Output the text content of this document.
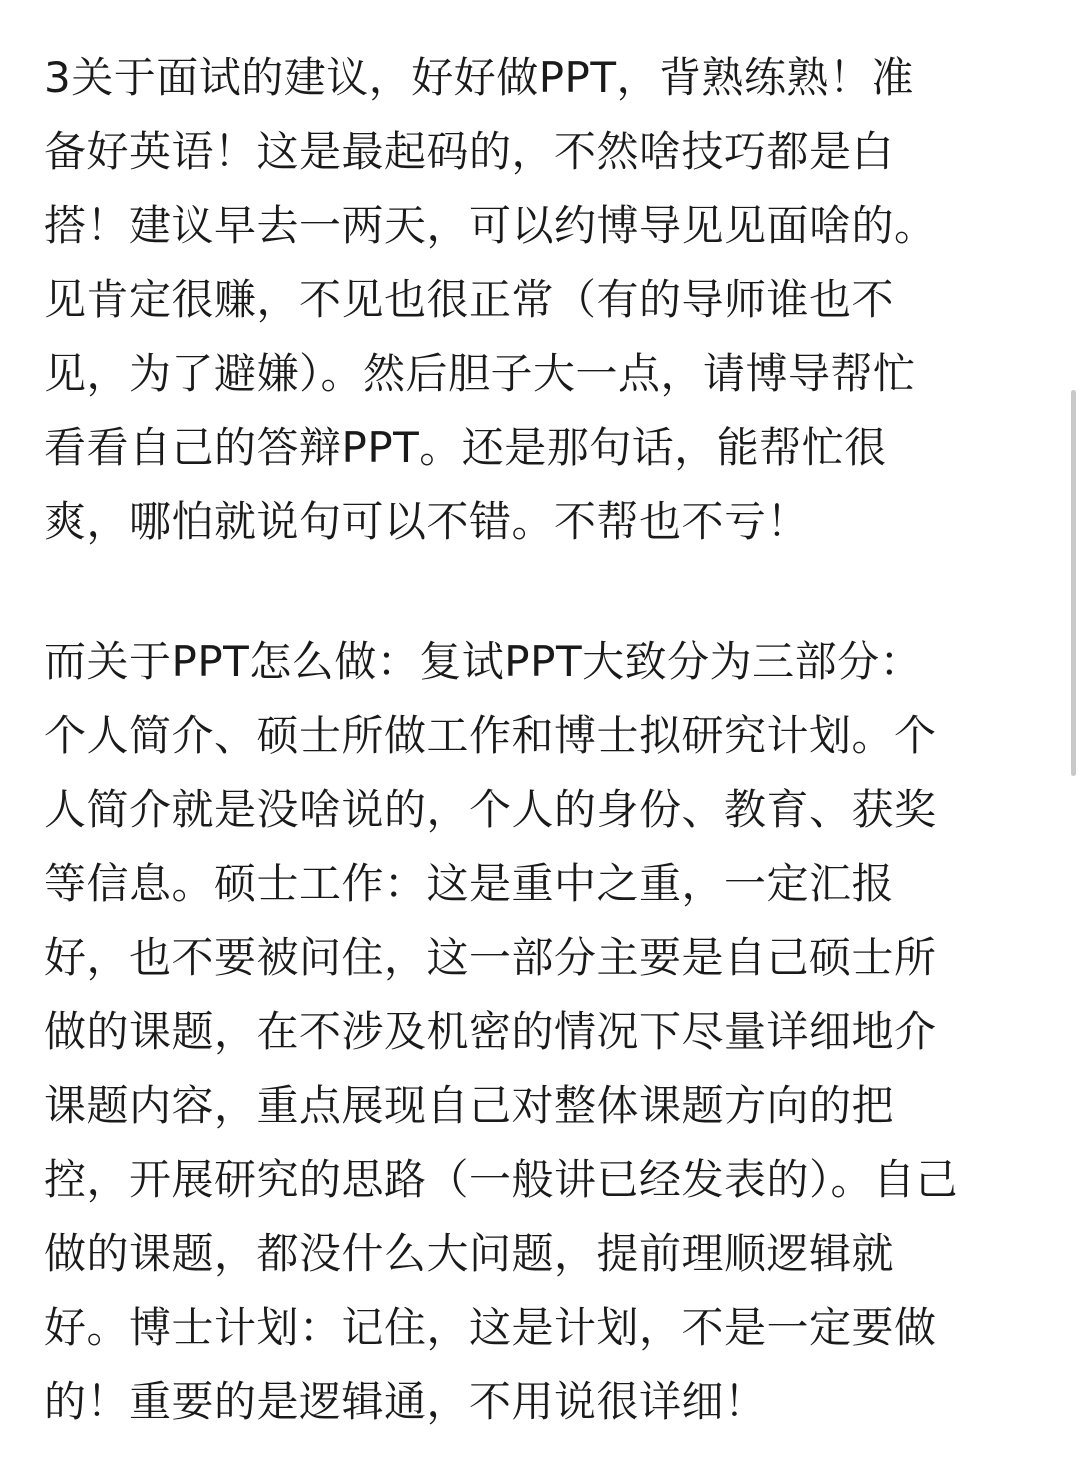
3关于面试的建议，好好做PPT，背熟练熟！准
备好英语！这是最起码的，不然啥技巧都是白
搭！建议早去一两天，可以约博导见见面啥的。
见肯定很赚，不见也很正常（有的导师谁也不
见，为了避嫌）。然后胆子大一点，请博导帮忙
看看自己的答辩PPT。还是那句话，能帮忙很
爽，哪怕就说句可以不错。不帮也不亏！
而关于PPT怎么做：复试PPT大致分为三部分：
个人简介、硕士所做工作和博士拟研究计划。个
人简介就是没啥说的，个人的身份、教育、获奖
等信息。硕士工作：这是重中之重，一定汇报
好，也不要被问住，这一部分主要是自己硕士所
做的课题，在不涉及机密的情况下尽量详细地介
课题内容，重点展现自己对整体课题方向的把
控，开展研究的思路（一般讲已经发表的）。自己
做的课题，都没什么大问题，提前理顺逻辑就
好。博士计划：记住，这是计划，不是一定要做
的！重要的是逻辑通，不用说很详细！
